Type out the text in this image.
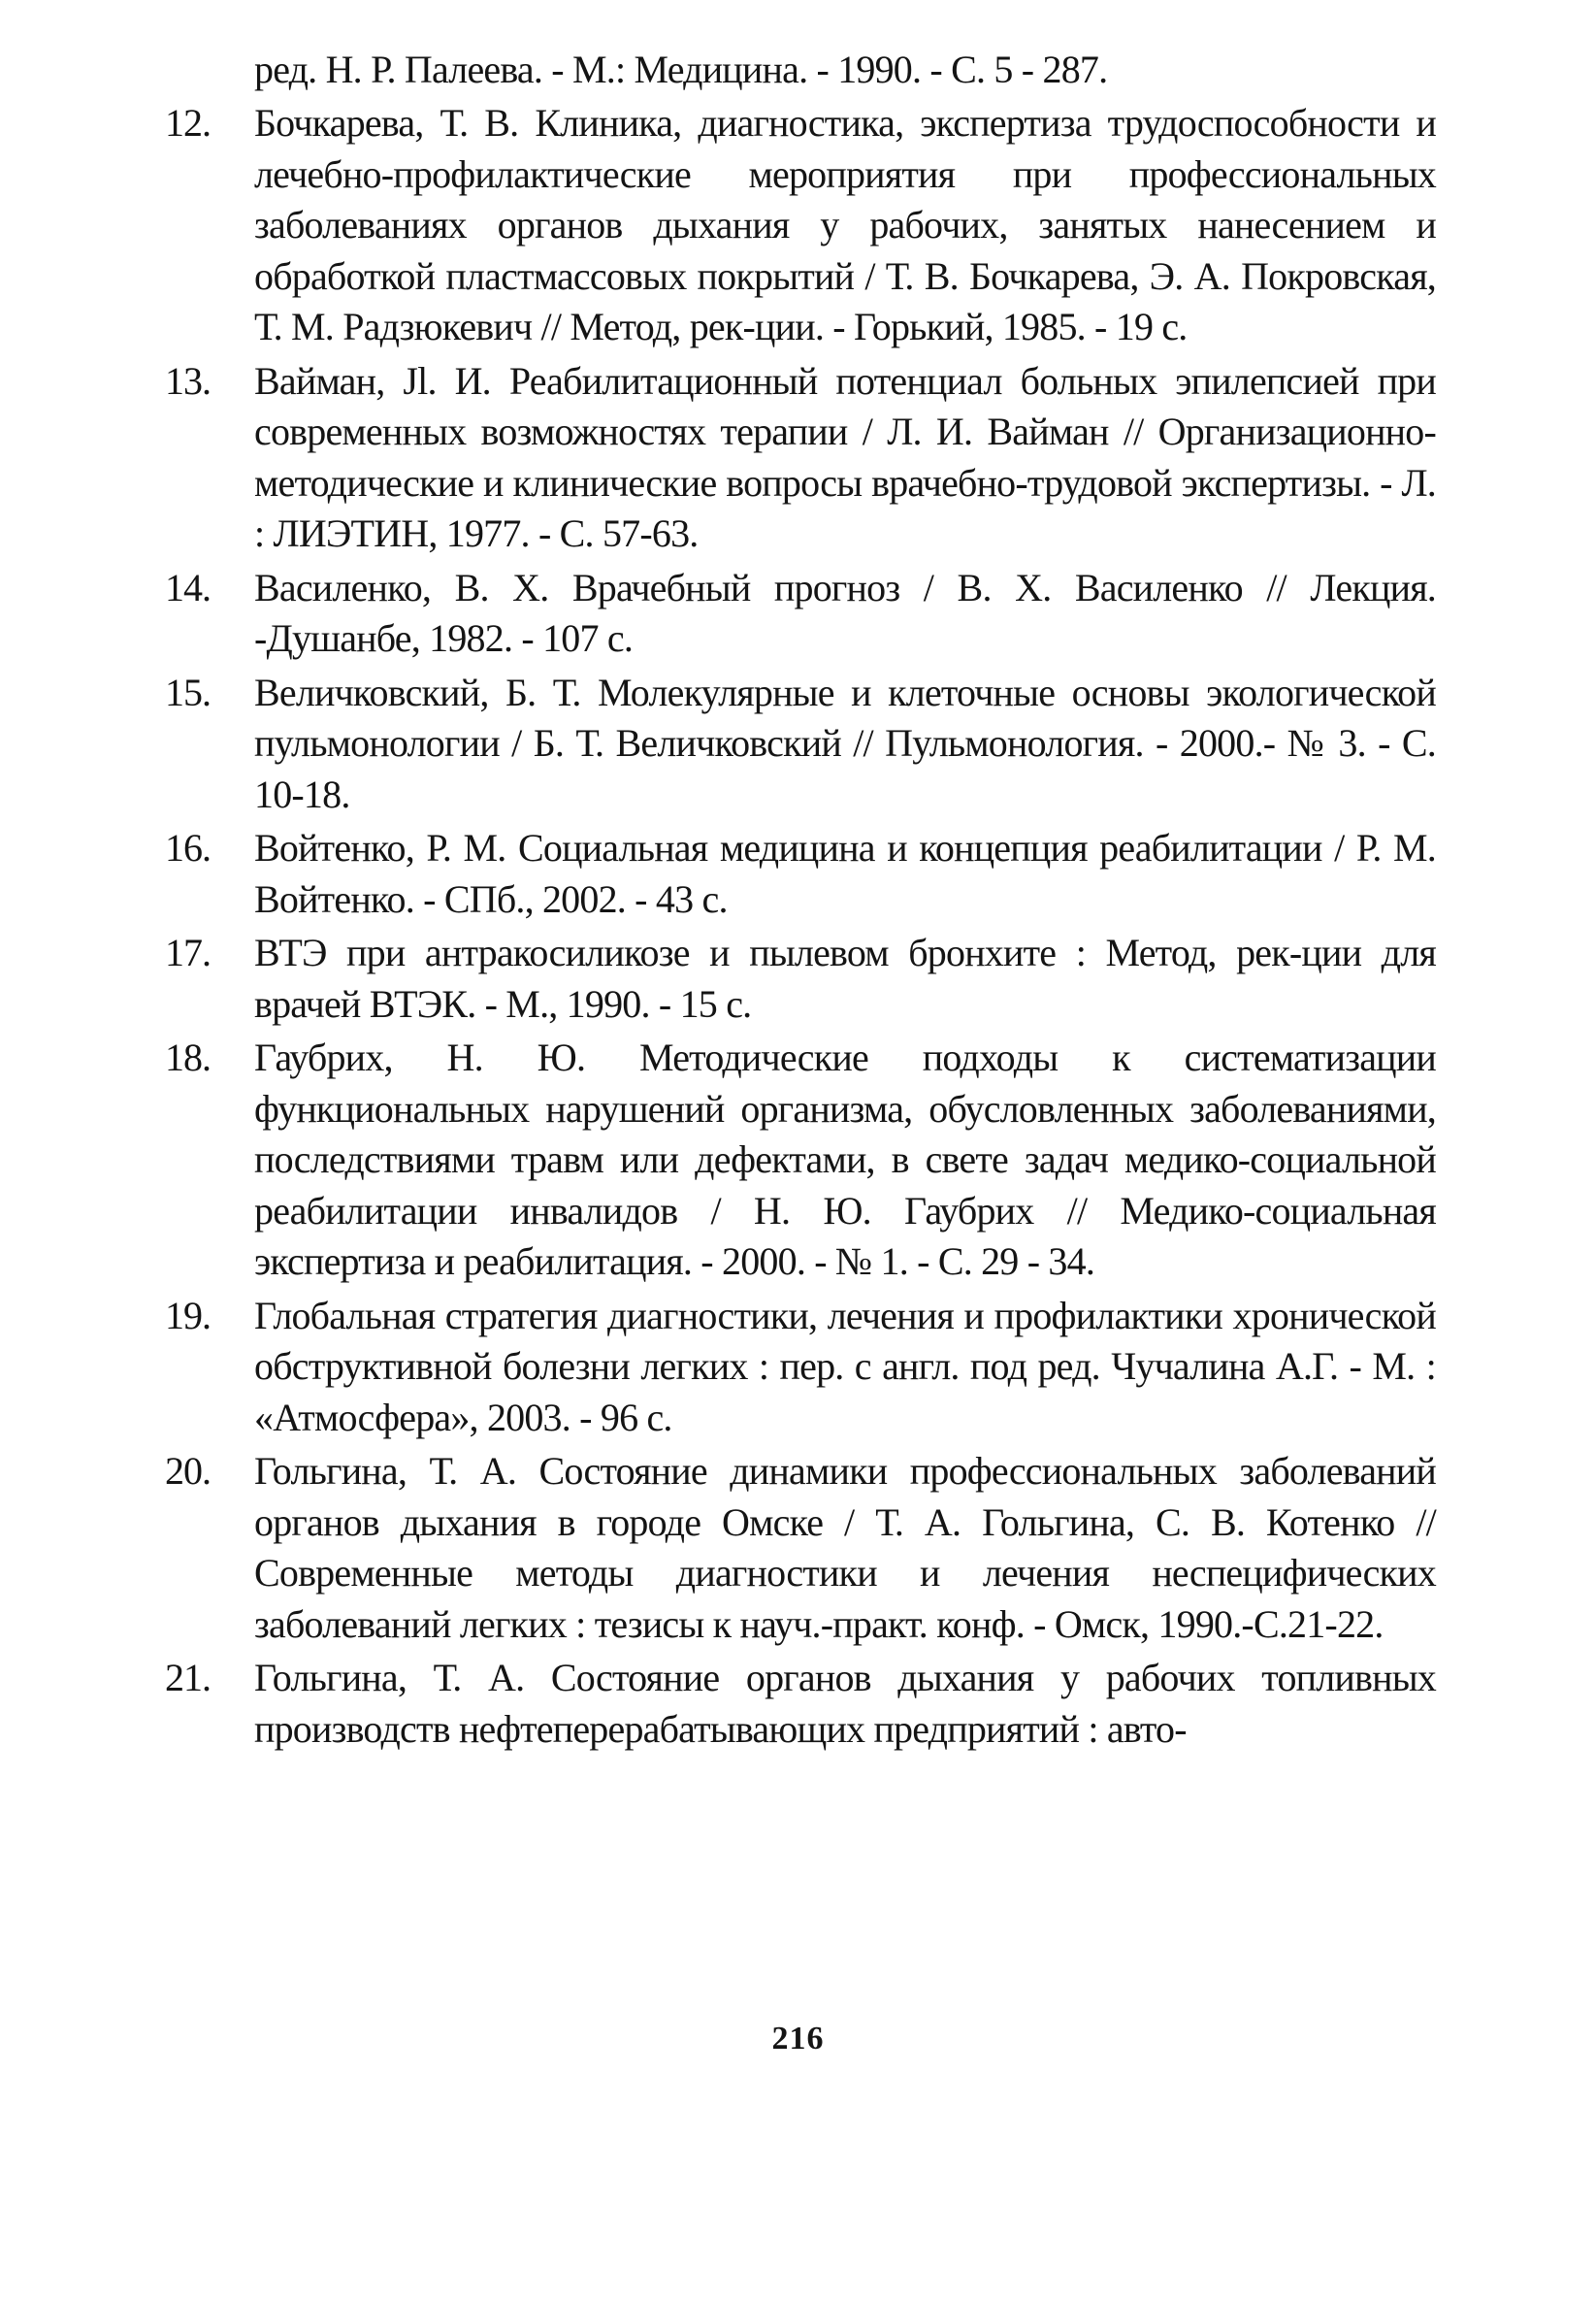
ред. Н. Р. Палеева. - М.: Медицина. - 1990. - С. 5 - 287.
12.	Бочкарева, Т. В. Клиника, диагностика, экспертиза трудоспособности и лечебно-профилактические мероприятия при профессиональных заболеваниях органов дыхания у рабочих, занятых нанесением и обработкой пластмассовых покрытий / Т. В. Бочкарева, Э. А. Покровская, Т. М. Радзюкевич // Метод, рек-ции. - Горький, 1985. - 19 с.
13.	Вайман, Jl. И. Реабилитационный потенциал больных эпилепсией при современных возможностях терапии / Л. И. Вайман // Организационно-методические и клинические вопросы врачебно-трудовой экспертизы. - Л. : ЛИЭТИН, 1977. - С. 57-63.
14.	Василенко, В. X. Врачебный прогноз / В. X. Василенко // Лекция. -Душанбе, 1982. - 107 с.
15.	Величковский, Б. Т. Молекулярные и клеточные основы экологической пульмонологии / Б. Т. Величковский // Пульмонология. - 2000.- № 3. - С. 10-18.
16.	Войтенко, Р. М. Социальная медицина и концепция реабилитации / Р. М. Войтенко. - СПб., 2002. - 43 с.
17.	ВТЭ при антракосиликозе и пылевом бронхите : Метод, рек-ции для врачей ВТЭК. - М., 1990. - 15 с.
18.	Гаубрих, Н. Ю. Методические подходы к систематизации функциональных нарушений организма, обусловленных заболеваниями, последствиями травм или дефектами, в свете задач медико-социальной реабилитации инвалидов / Н. Ю. Гаубрих // Медико-социальная экспертиза и реабилитация. - 2000. - № 1. - С. 29 - 34.
19.	Глобальная стратегия диагностики, лечения и профилактики хронической обструктивной болезни легких : пер. с англ. под ред. Чучалина А.Г. - М. : «Атмосфера», 2003. - 96 с.
20.	Гольгина, Т. А. Состояние динамики профессиональных заболеваний органов дыхания в городе Омске / Т. А. Гольгина, С. В. Котенко // Современные методы диагностики и лечения неспецифических заболеваний легких : тезисы к науч.-практ. конф. - Омск, 1990.-С.21-22.
21.	Гольгина, Т. А. Состояние органов дыхания у рабочих топливных производств нефтеперерабатывающих предприятий : авто-
216
